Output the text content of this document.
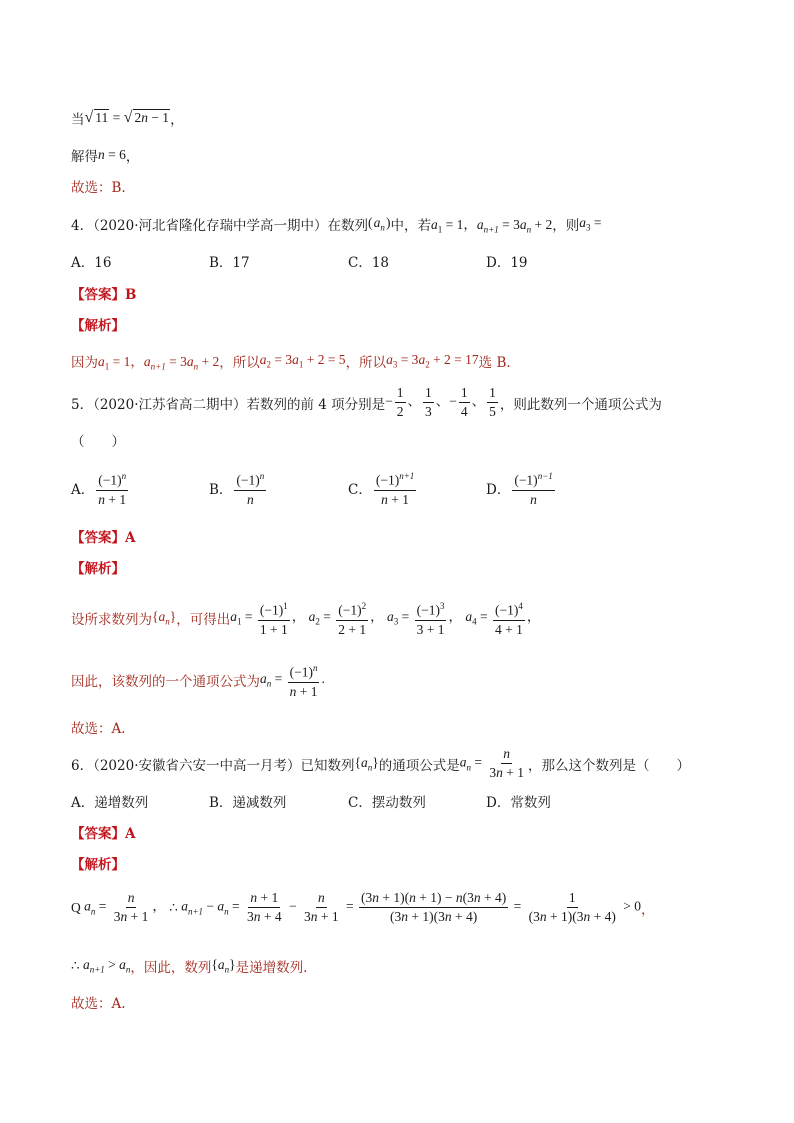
当 √ 11 = √ 2n − 1 ，
解得 n = 6 ，
故选：B.
4．（2020·河北省隆化存瑞中学高一期中）在数列 ( $a_n$ ) 中，若 $a_1 = 1$，$a_{n+1} = 3a_n + 2$ ，则 $a_3$ =
A．16	B．17	C．18	D．19
【答案】B
【解析】
因为 $a_1 = 1$，$a_{n+1} = 3a_n + 2$ ，所以 $a_2 = 3a_1 + 2 = 5$ ，所以 $a_3 = 3a_2 + 2 = 17$ 选 B.
5．（2020·江苏省高二期中）若数列的前 4 项分别是 − $\frac{1}{2}$ 、 $\frac{1}{3}$ 、− $\frac{1}{4}$ 、 $\frac{1}{5}$ ，则此数列一个通项公式为
（　　）
A． $\frac{(-1)^n}{n + 1}$	B． $\frac{(-1)^n}{n}$	C． $\frac{(-1)^{n+1}}{n + 1}$	D． $\frac{(-1)^{n-1}}{n}$
【答案】A
【解析】
设所求数列为 $\{a_n\}$ ，可得出 $a_1 = \frac{(-1)^1}{1 + 1}$ ， $a_2 = \frac{(-1)^2}{2 + 1}$ ， $a_3 = \frac{(-1)^3}{3 + 1}$ ， $a_4 = \frac{(-1)^4}{4 + 1}$ ，
因此，该数列的一个通项公式为 $a_n = \frac{(-1)^n}{n + 1}$ .
故选：A.
6．（2020·安徽省六安一中高一月考）已知数列 $\{a_n\}$ 的通项公式是 $a_n = \frac{n}{3n + 1}$ ，那么这个数列是（　　）
A．递增数列	B．递减数列	C．摆动数列	D．常数列
【答案】A
【解析】
Q $a_n = \frac{n}{3n + 1}$ ， ∴ $a_{n+1} - a_n = \frac{n + 1}{3n + 4} - \frac{n}{3n + 1} = \frac{(3n + 1)(n + 1) - n(3n + 4)}{(3n + 1)(3n + 4)} = \frac{1}{(3n + 1)(3n + 4)} > 0$ ，
∴ $a_{n+1} > a_n$ ，因此，数列 $\{a_n\}$ 是递增数列.
故选：A.
